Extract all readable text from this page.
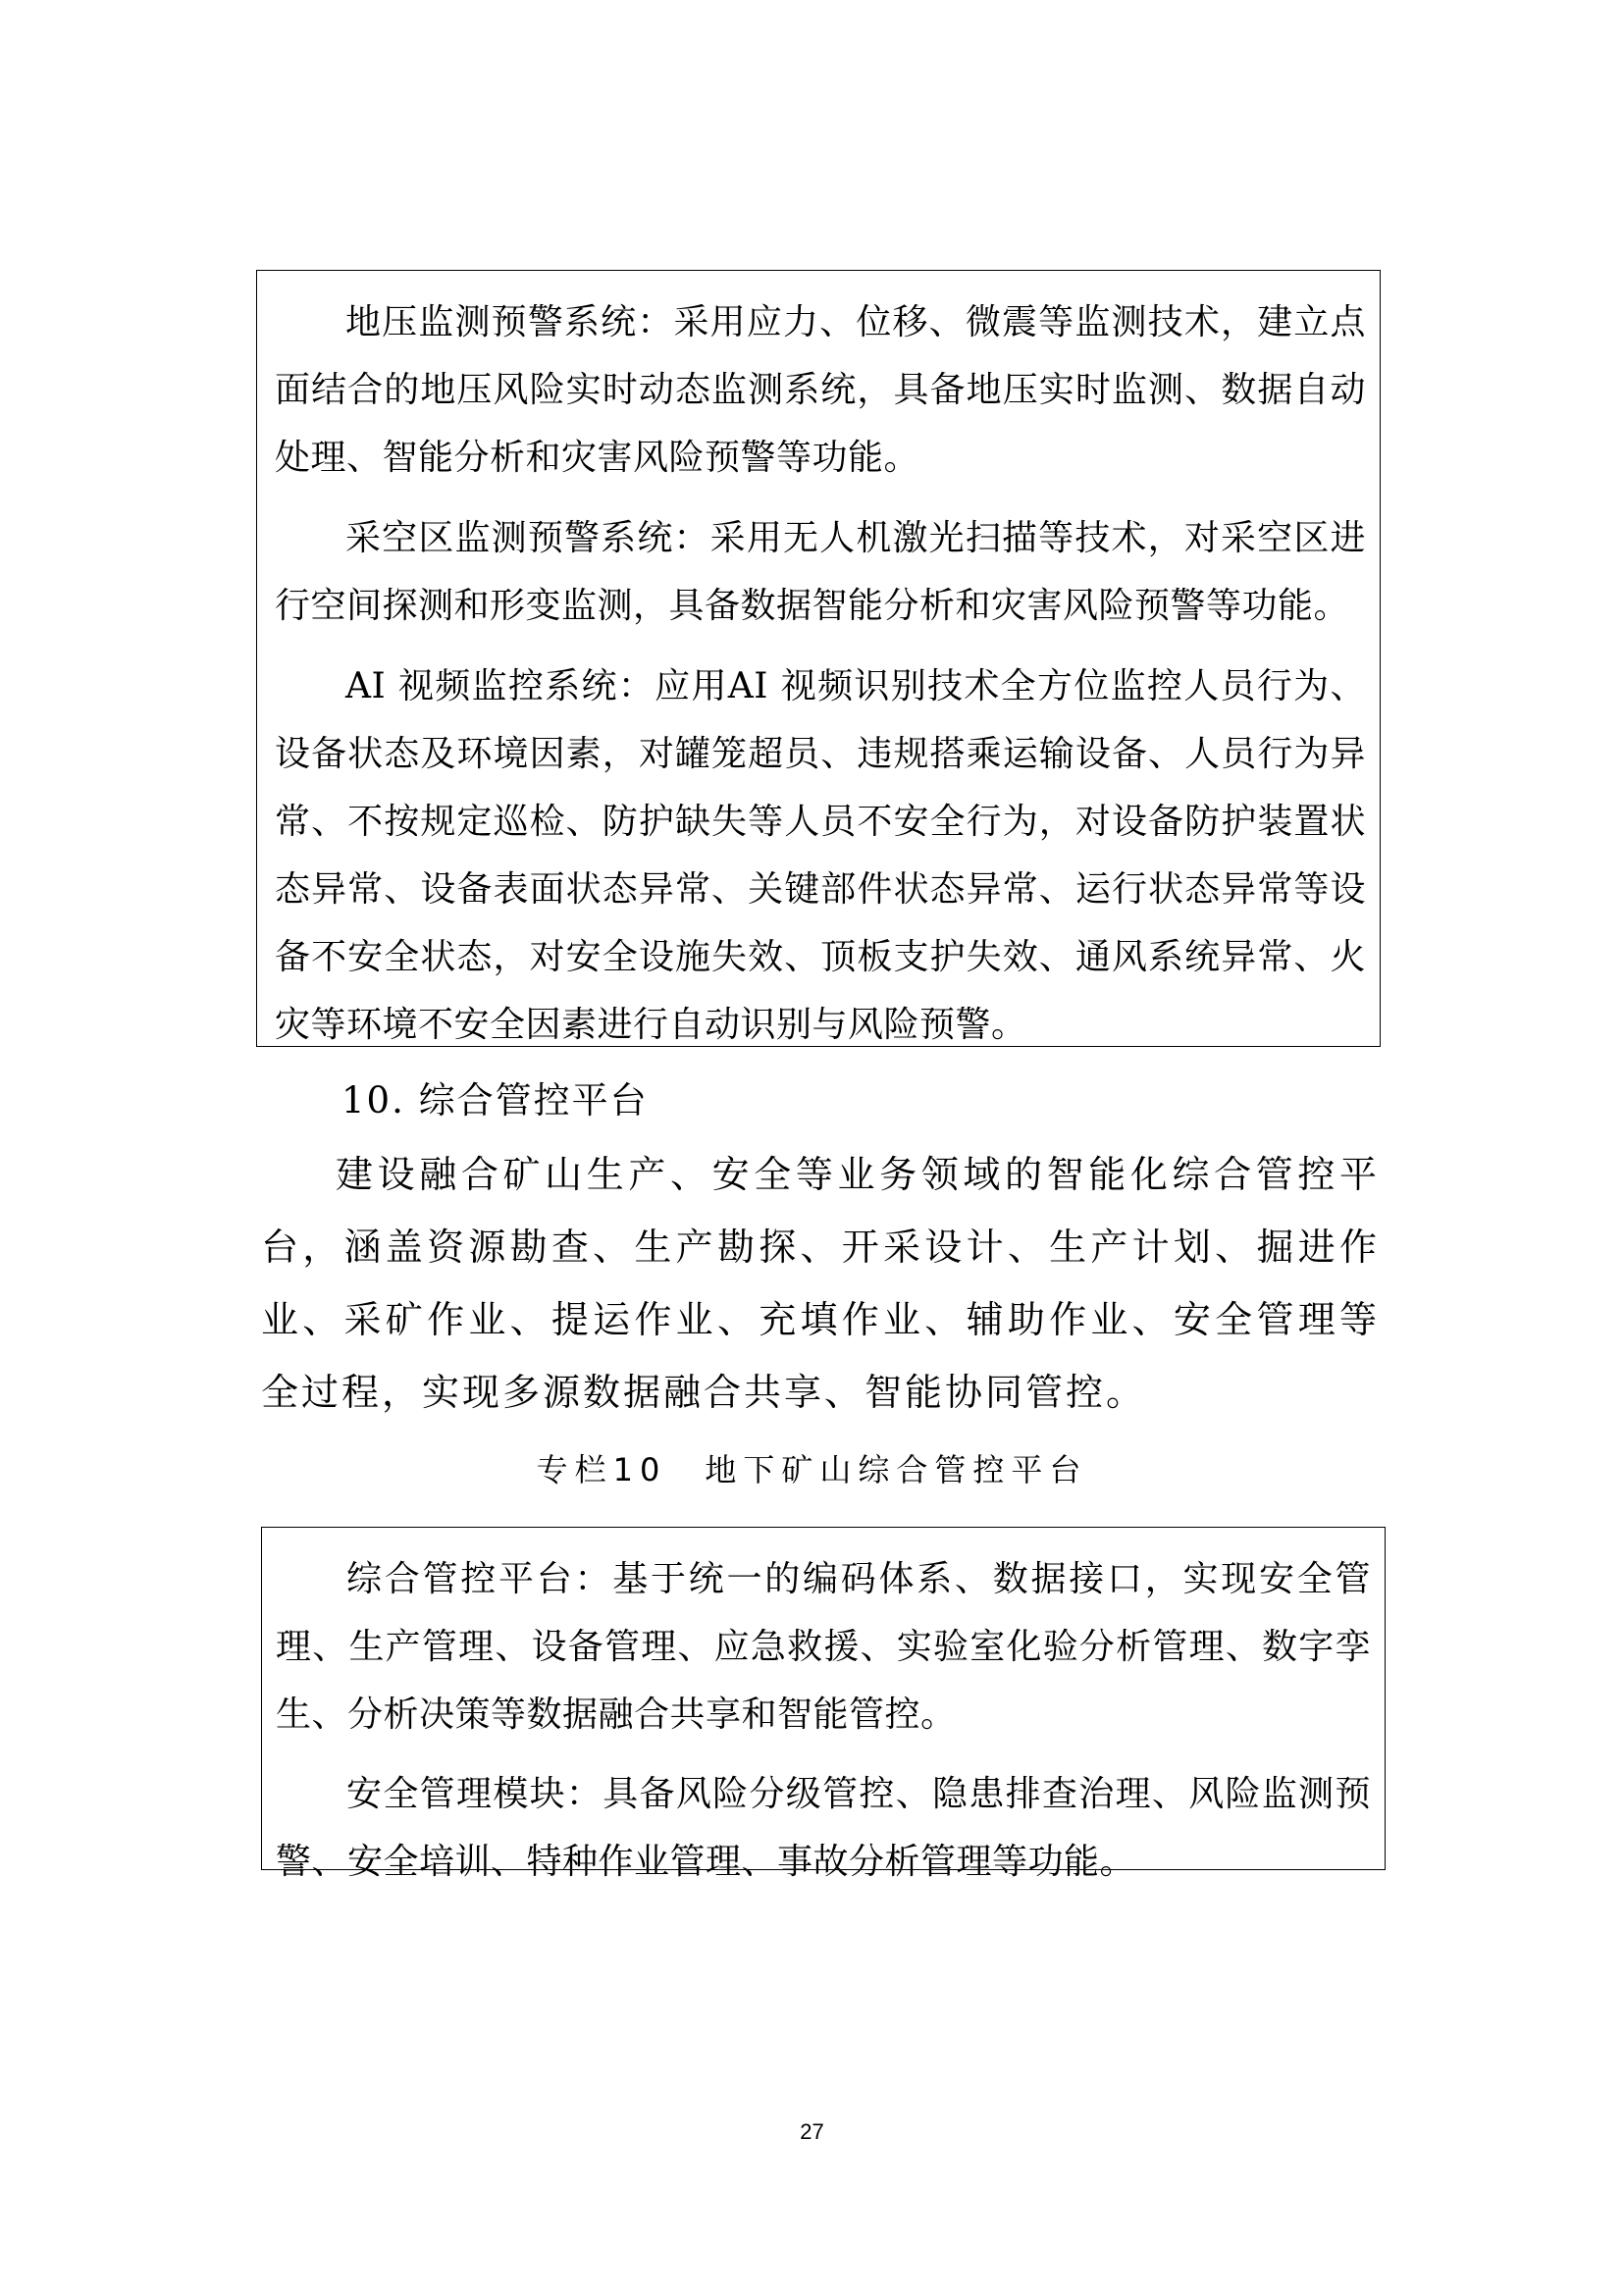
地压监测预警系统：采用应力、位移、微震等监测技术，建立点面结合的地压风险实时动态监测系统，具备地压实时监测、数据自动处理、智能分析和灾害风险预警等功能。

采空区监测预警系统：采用无人机激光扫描等技术，对采空区进行空间探测和形变监测，具备数据智能分析和灾害风险预警等功能。

AI 视频监控系统：应用AI 视频识别技术全方位监控人员行为、设备状态及环境因素，对罐笼超员、违规搭乘运输设备、人员行为异常、不按规定巡检、防护缺失等人员不安全行为，对设备防护装置状态异常、设备表面状态异常、关键部件状态异常、运行状态异常等设备不安全状态，对安全设施失效、顶板支护失效、通风系统异常、火灾等环境不安全因素进行自动识别与风险预警。

10. 综合管控平台

建设融合矿山生产、安全等业务领域的智能化综合管控平台，涵盖资源勘查、生产勘探、开采设计、生产计划、掘进作业、采矿作业、提运作业、充填作业、辅助作业、安全管理等全过程，实现多源数据融合共享、智能协同管控。

专栏10　地下矿山综合管控平台

综合管控平台：基于统一的编码体系、数据接口，实现安全管理、生产管理、设备管理、应急救援、实验室化验分析管理、数字孪生、分析决策等数据融合共享和智能管控。

安全管理模块：具备风险分级管控、隐患排查治理、风险监测预警、安全培训、特种作业管理、事故分析管理等功能。

27
